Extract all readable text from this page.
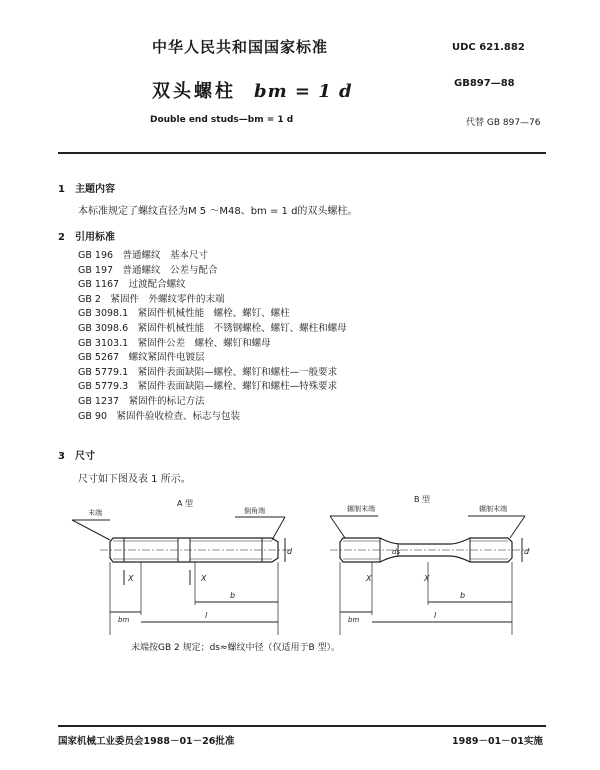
中华人民共和国国家标准	UDC 621.882
双头螺柱 bm = 1 d	GB897—88
Double end studs—bm = 1 d	代替 GB 897—76
1 主题内容
本标准规定了螺纹直径为M 5 ～M48、bm = 1 d的双头螺柱。
2 引用标准
GB 196　普通螺纹　基本尺寸
GB 197　普通螺纹　公差与配合
GB 1167　过渡配合螺纹
GB 2　紧固件　外螺纹零件的末端
GB 3098.1　紧固件机械性能　螺栓、螺钉、螺柱
GB 3098.6　紧固件机械性能　不锈钢螺栓、螺钉、螺柱和螺母
GB 3103.1　紧固件公差　螺栓、螺钉和螺母
GB 5267　螺纹紧固件电镀层
GB 5779.1　紧固件表面缺陷—螺栓、螺钉和螺柱—一般要求
GB 5779.3　紧固件表面缺陷—螺栓、螺钉和螺柱—特殊要求
GB 1237　紧固件的标记方法
GB 90　紧固件验收检查、标志与包装
3 尺寸
尺寸如下图及表 1 所示。
A 型
末端	倒角端
d
X	X
b
bm	l
B 型
辗制末端	辗制末端
ds	d
X	X
b
bm	l
末端按GB 2 规定；ds≈螺纹中径（仅适用于B 型）。
国家机械工业委员会1988－01－26批准	1989－01－01实施
